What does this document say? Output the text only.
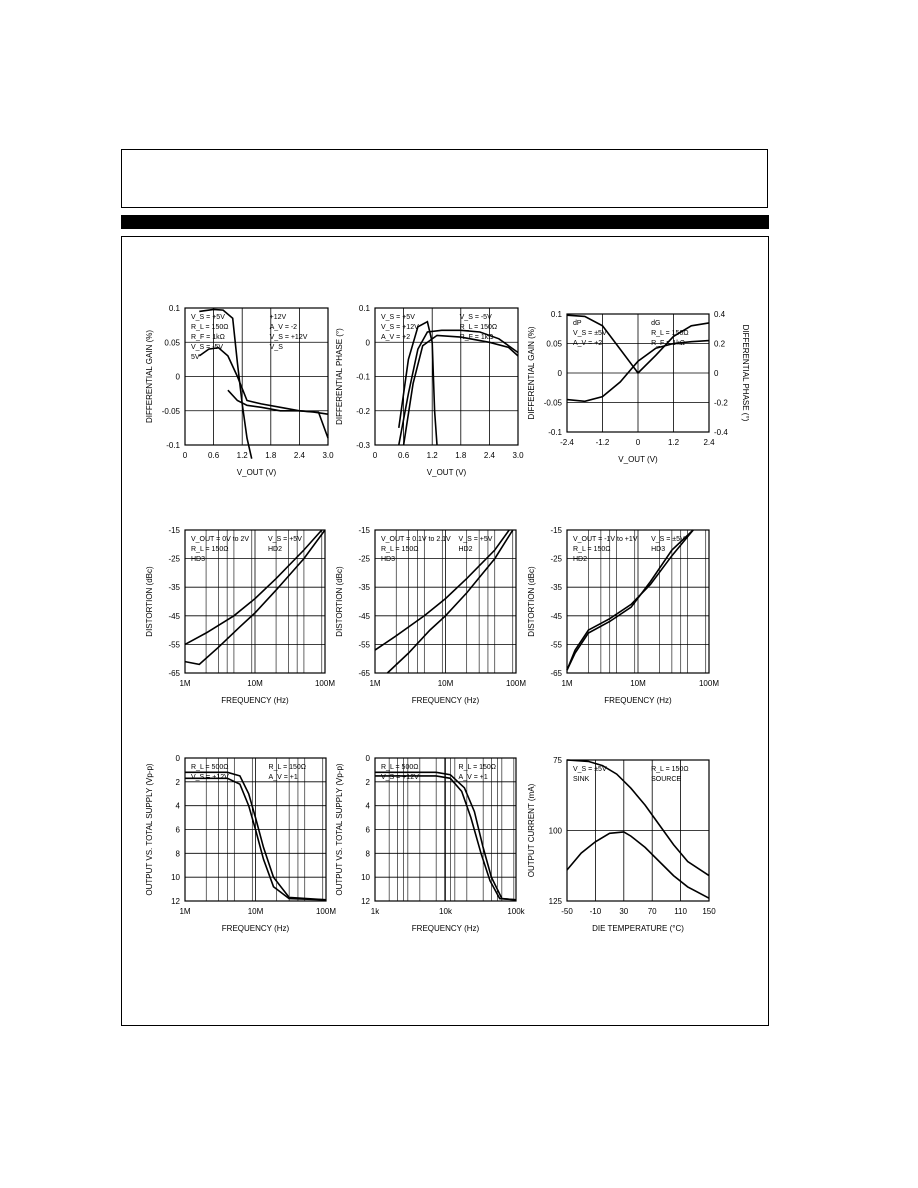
0	0.6 1.2 1.8 2.4 3.0
0.1
0.05
0
-0.05
-0.1
V_OUT (V)
DIFFERENTIAL GAIN (%)
V_S = +5V	+12V
R_L = 150Ω	A_V = -2
R_F = 1kΩ	V_S = +12V
V_S = -5V	V_S
5V
0	0.6 1.2 1.8 2.4 3.0
0.1
0
-0.1
-0.2
-0.3
V_OUT (V)
DIFFERENTIAL PHASE (°)
V_S = +5V	V_S = -5V
V_S = +12V	R_L = 150Ω
A_V = +2	R_F = 1kΩ
-2.4	-1.2	0	1.2	2.4
0.1
0.05
0
-0.05
-0.1
0.4
0.2
0
-0.2
-0.4
V_OUT (V)
DIFFERENTIAL GAIN (%)	DIFFERENTIAL PHASE (°)
dP	dG
V_S = ±5V	R_L = 150Ω
A_V = +2	R_F = 1kΩ
1M	10M	100M
-15
-25
-35
-45
-55
-65
FREQUENCY (Hz)
DISTORTION (dBc)
V_OUT = 0V to 2V	V_S = +5V
R_L = 150Ω	HD2
HD3
1M	10M	100M
-15
-25
-35
-45
-55
-65
FREQUENCY (Hz)
DISTORTION (dBc)
V_OUT = 0.1V to 2.1V V_S = +5V
R_L = 150Ω	HD2
HD3
1M	10M	100M
-15
-25
-35
-45
-55
-65
FREQUENCY (Hz)
DISTORTION (dBc)
V_OUT = -1V to +1V V_S = ±5V
R_L = 150Ω	HD3
HD2
1M	10M	100M
0
2
4
6
8
10
12
FREQUENCY (Hz)
OUTPUT VS. TOTAL SUPPLY (Vp-p)	R_L = 500Ω	R_L = 150Ω
V_S = +12V	A_V = +1
1k	10k	100k
0
2
4
6
8
10
12
FREQUENCY (Hz)
OUTPUT VS. TOTAL SUPPLY (Vp-p)	R_L = 500Ω	R_L = 150Ω
V_S = +12V	A_V = +1
-50 -10 30 70 110 150
75
100
125
DIE TEMPERATURE (°C)
OUTPUT CURRENT (mA)
V_S = ±5V	R_L = 150Ω
SINK	SOURCE
